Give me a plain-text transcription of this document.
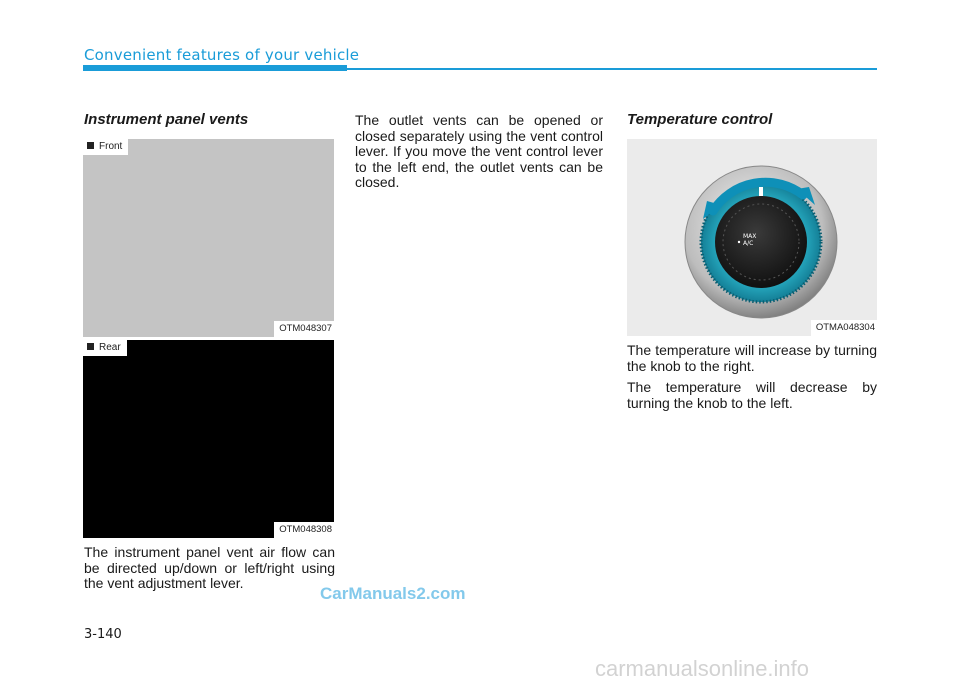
Convenient features of your vehicle
Instrument panel vents
Front
OTM048307
Rear
OTM048308
The instrument panel vent air flow can be directed up/down or left/right using the vent adjustment lever.
The outlet vents can be opened or closed separately using the vent control lever. If you move the vent control lever to the left end, the outlet vents can be closed.
Temperature control
MAX
A/C
OTMA048304
The temperature will increase by turning the knob to the right.
The temperature will decrease by turning the knob to the left.
3-140
CarManuals2.com
carmanualsonline.info
